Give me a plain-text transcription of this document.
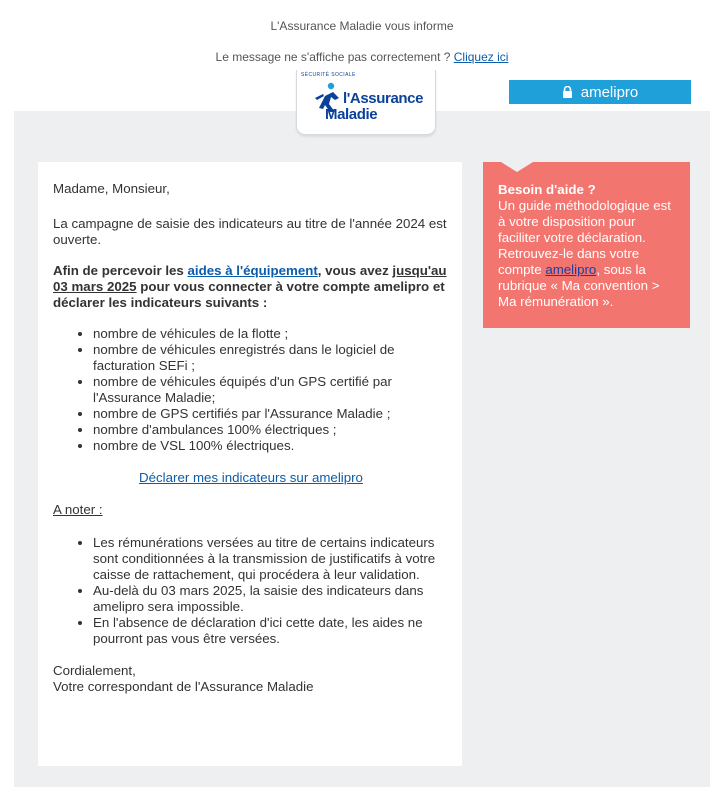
L'Assurance Maladie vous informe
Le message ne s'affiche pas correctement ? Cliquez ici
SÉCURITÉ SOCIALE
l'Assurance
Maladie
amelipro

Madame, Monsieur,

La campagne de saisie des indicateurs au titre de l'année 2024 est ouverte.

Afin de percevoir les aides à l'équipement, vous avez jusqu'au 03 mars 2025 pour vous connecter à votre compte amelipro et déclarer les indicateurs suivants :

• nombre de véhicules de la flotte ;
• nombre de véhicules enregistrés dans le logiciel de facturation SEFi ;
• nombre de véhicules équipés d'un GPS certifié par l'Assurance Maladie;
• nombre de GPS certifiés par l'Assurance Maladie ;
• nombre d'ambulances 100% électriques ;
• nombre de VSL 100% électriques.

Déclarer mes indicateurs sur amelipro

A noter :

• Les rémunérations versées au titre de certains indicateurs sont conditionnées à la transmission de justificatifs à votre caisse de rattachement, qui procédera à leur validation.
• Au-delà du 03 mars 2025, la saisie des indicateurs dans amelipro sera impossible.
• En l'absence de déclaration d'ici cette date, les aides ne pourront pas vous être versées.

Cordialement,

Votre correspondant de l'Assurance Maladie

Besoin d'aide ?
Un guide méthodologique est à votre disposition pour faciliter votre déclaration. Retrouvez-le dans votre compte amelipro, sous la rubrique « Ma convention > Ma rémunération ».
